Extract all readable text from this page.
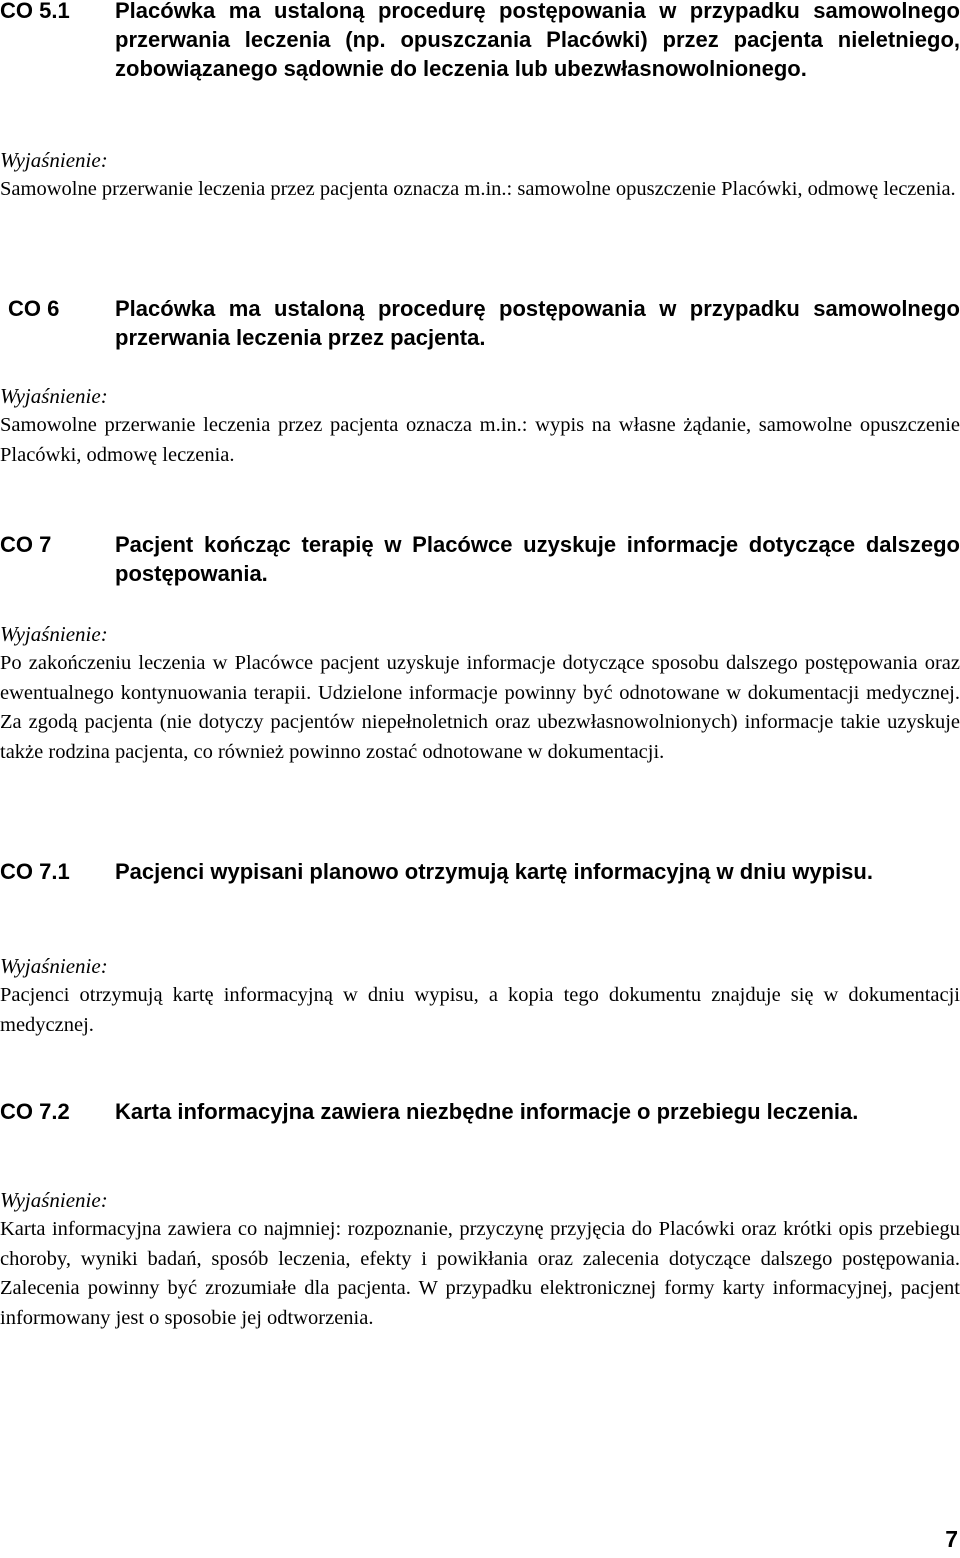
CO 5.1 Placówka ma ustaloną procedurę postępowania w przypadku samowolnego przerwania leczenia (np. opuszczania Placówki) przez pacjenta nieletniego, zobowiązanego sądownie do leczenia lub ubezwłasnowolnionego.

Wyjaśnienie:

Samowolne przerwanie leczenia przez pacjenta oznacza m.in.: samowolne opuszczenie Placówki, odmowę leczenia.

CO 6	Placówka ma ustaloną procedurę postępowania w przypadku samowolnego przerwania leczenia przez pacjenta.

Wyjaśnienie:

Samowolne przerwanie leczenia przez pacjenta oznacza m.in.: wypis na własne żądanie, samowolne opuszczenie Placówki, odmowę leczenia.

CO 7	Pacjent kończąc terapię w Placówce uzyskuje informacje dotyczące dalszego postępowania.

Wyjaśnienie:

Po zakończeniu leczenia w Placówce pacjent uzyskuje informacje dotyczące sposobu dalszego postępowania oraz ewentualnego kontynuowania terapii. Udzielone informacje powinny być odnotowane w dokumentacji medycznej. Za zgodą pacjenta (nie dotyczy pacjentów niepełnoletnich oraz ubezwłasnowolnionych) informacje takie uzyskuje także rodzina pacjenta, co również powinno zostać odnotowane w dokumentacji.

CO 7.1 Pacjenci wypisani planowo otrzymują kartę informacyjną w dniu wypisu.

Wyjaśnienie:

Pacjenci otrzymują kartę informacyjną w dniu wypisu, a kopia tego dokumentu znajduje się w dokumentacji medycznej.

CO 7.2 Karta informacyjna zawiera niezbędne informacje o przebiegu leczenia.

Wyjaśnienie:

Karta informacyjna zawiera co najmniej: rozpoznanie, przyczynę przyjęcia do Placówki oraz krótki opis przebiegu choroby, wyniki badań, sposób leczenia, efekty i powikłania oraz zalecenia dotyczące dalszego postępowania. Zalecenia powinny być zrozumiałe dla pacjenta. W przypadku elektronicznej formy karty informacyjnej, pacjent informowany jest o sposobie jej odtworzenia.

7
